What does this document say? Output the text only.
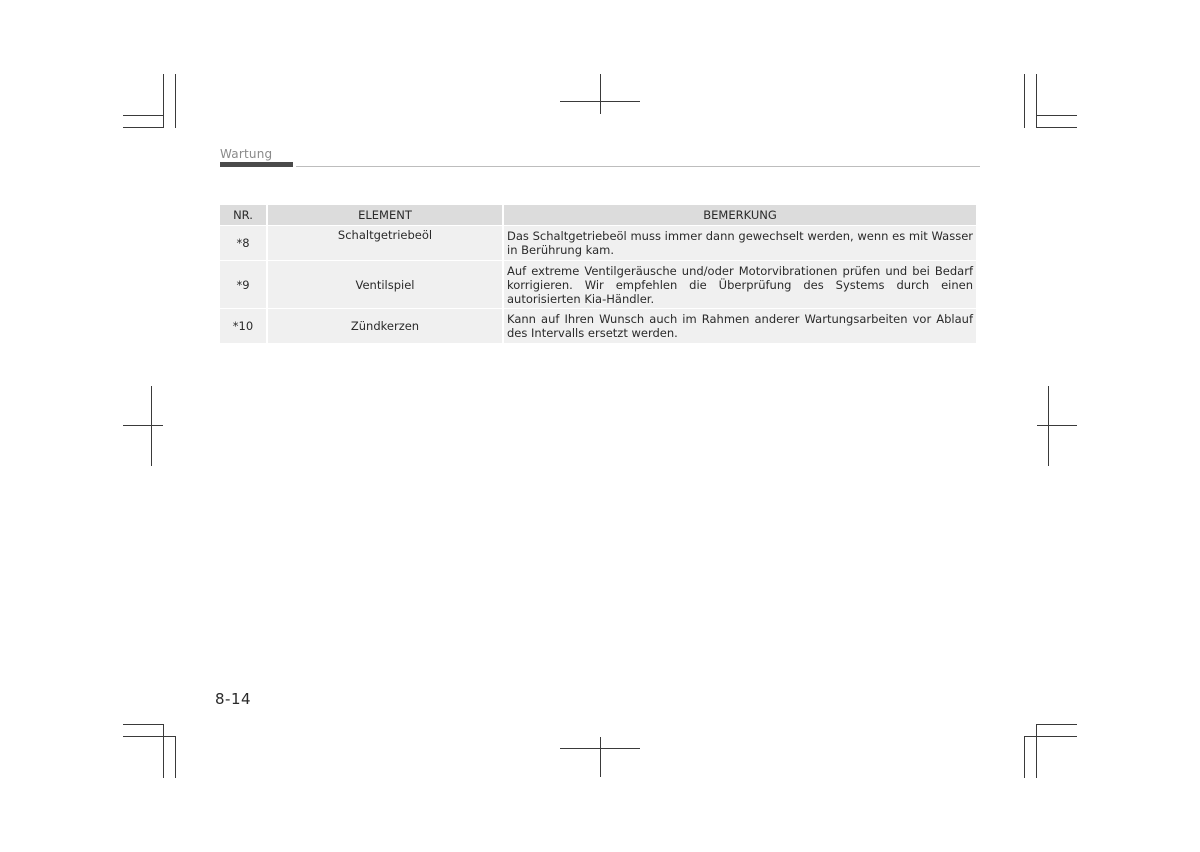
Wartung
NR.	ELEMENT	BEMERKUNG
*8	Schaltgetriebeöl	Das Schaltgetriebeöl muss immer dann gewechselt werden, wenn es mit Wasser in Berührung kam.
*9	Ventilspiel	Auf extreme Ventilgeräusche und/oder Motorvibrationen prüfen und bei Bedarf korrigieren. Wir empfehlen die Überprüfung des Systems durch einen autorisierten Kia-Händler.
*10	Zündkerzen	Kann auf Ihren Wunsch auch im Rahmen anderer Wartungsarbeiten vor Ablauf des Intervalls ersetzt werden.
8-14
